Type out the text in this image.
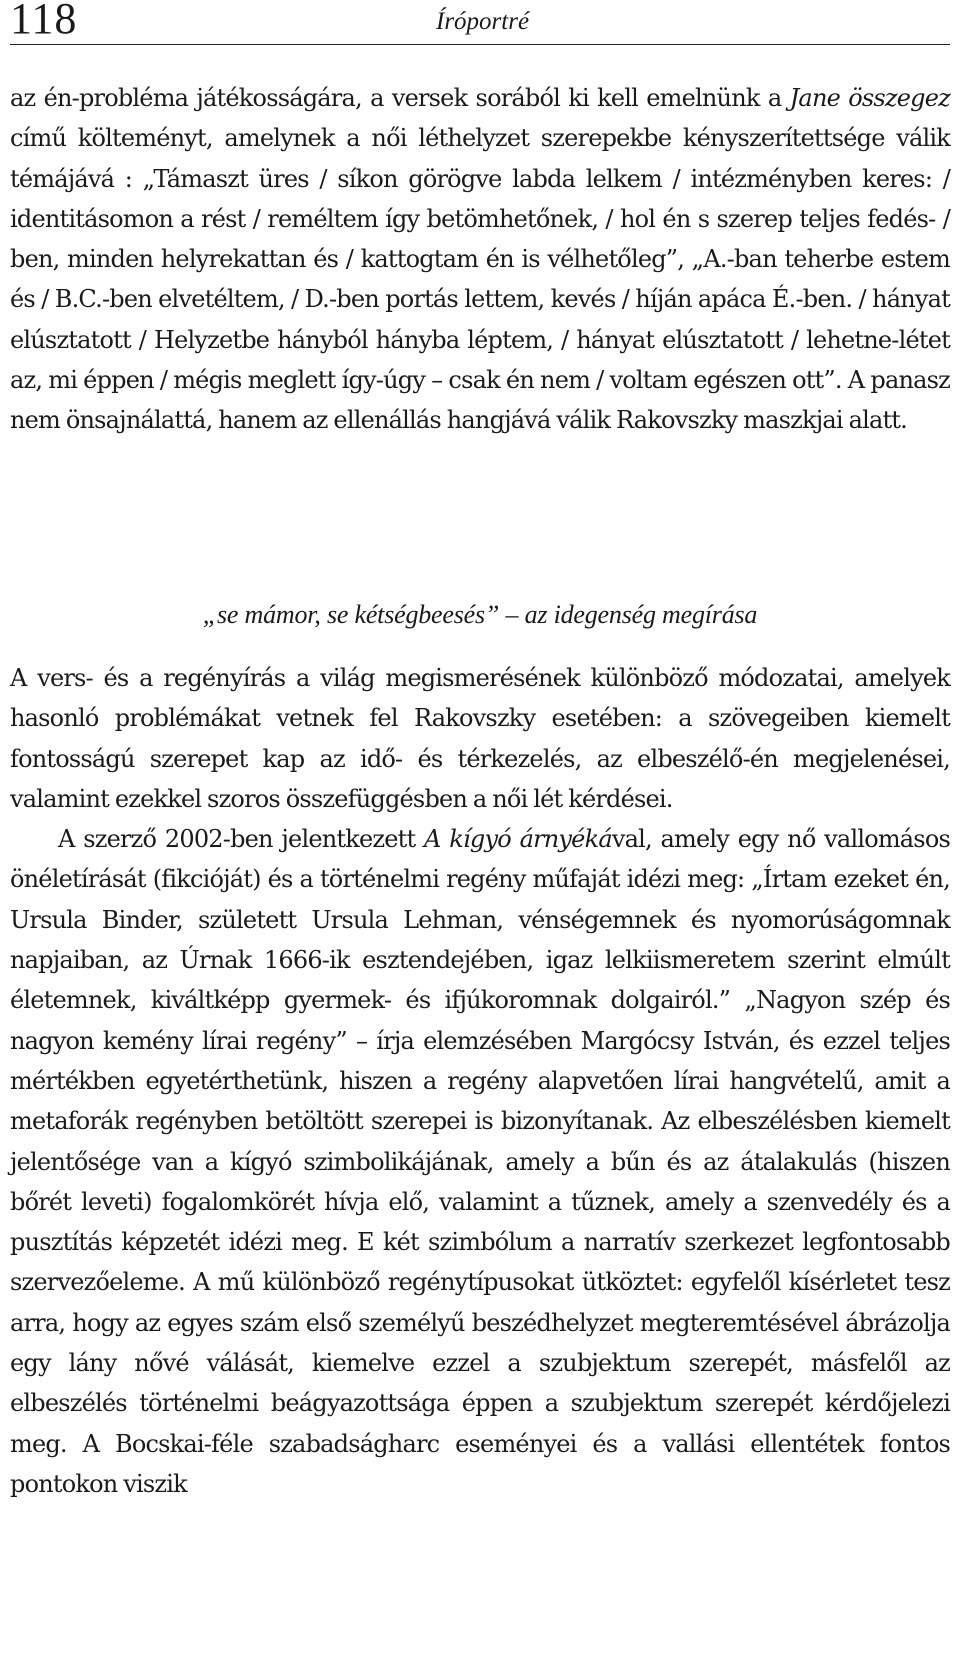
118	Íróportré

az én-probléma játékosságára, a versek sorából ki kell emelnünk a Jane összegez című költeményt, amelynek a női léthelyzet szerepekbe kényszerítettsége válik témájává : „Támaszt üres / síkon görögve labda lelkem / intézményben keres: / identitásomon a rést / reméltem így betömhetőnek, / hol én s szerep teljes fedés- / ben, minden helyrekattan és / kattogtam én is vélhetőleg”, „A.-ban teherbe estem és / B.C.-ben elvetéltem, / D.-ben portás lettem, kevés / híján apáca É.-ben. / hányat elúsztatott / Helyzetbe hányból hányba léptem, / hányat elúsztatott / lehetne-létet az, mi éppen / mégis meglett így-úgy – csak én nem / voltam egészen ott”. A panasz nem önsajnálattá, hanem az ellenállás hangjává válik Rakovszky maszkjai alatt.

„se mámor, se kétségbeesés” – az idegenség megírása

A vers- és a regényírás a világ megismerésének különböző módozatai, amelyek hasonló problémákat vetnek fel Rakovszky esetében: a szövegeiben kiemelt fontosságú szerepet kap az idő- és térkezelés, az elbeszélő-én megjelenései, valamint ezekkel szoros összefüggésben a női lét kérdései.

A szerző 2002-ben jelentkezett A kígyó árnyékával, amely egy nő vallomásos önéletírását (fikcióját) és a történelmi regény műfaját idézi meg: „Írtam ezeket én, Ursula Binder, született Ursula Lehman, vénségemnek és nyomorúságomnak napjaiban, az Úrnak 1666-ik esztendejében, igaz lelkiismeretem szerint elmúlt életemnek, kiváltképp gyermek- és ifjúkoromnak dolgairól.” „Nagyon szép és nagyon kemény lírai regény” – írja elemzésében Margócsy István, és ezzel teljes mértékben egyetérthetünk, hiszen a regény alapvetően lírai hangvételű, amit a metaforák regényben betöltött szerepei is bizonyítanak. Az elbeszélésben kiemelt jelentősége van a kígyó szimbolikájának, amely a bűn és az átalakulás (hiszen bőrét leveti) fogalomkörét hívja elő, valamint a tűznek, amely a szenvedély és a pusztítás képzetét idézi meg. E két szimbólum a narratív szerkezet legfontosabb szervezőeleme. A mű különböző regénytípusokat ütköztet: egyfelől kísérletet tesz arra, hogy az egyes szám első személyű beszédhelyzet megteremtésével ábrázolja egy lány nővé válását, kiemelve ezzel a szubjektum szerepét, másfelől az elbeszélés történelmi beágyazottsága éppen a szubjektum szerepét kérdőjelezi meg. A Bocskai-féle szabadságharc eseményei és a vallási ellentétek fontos pontokon viszik
